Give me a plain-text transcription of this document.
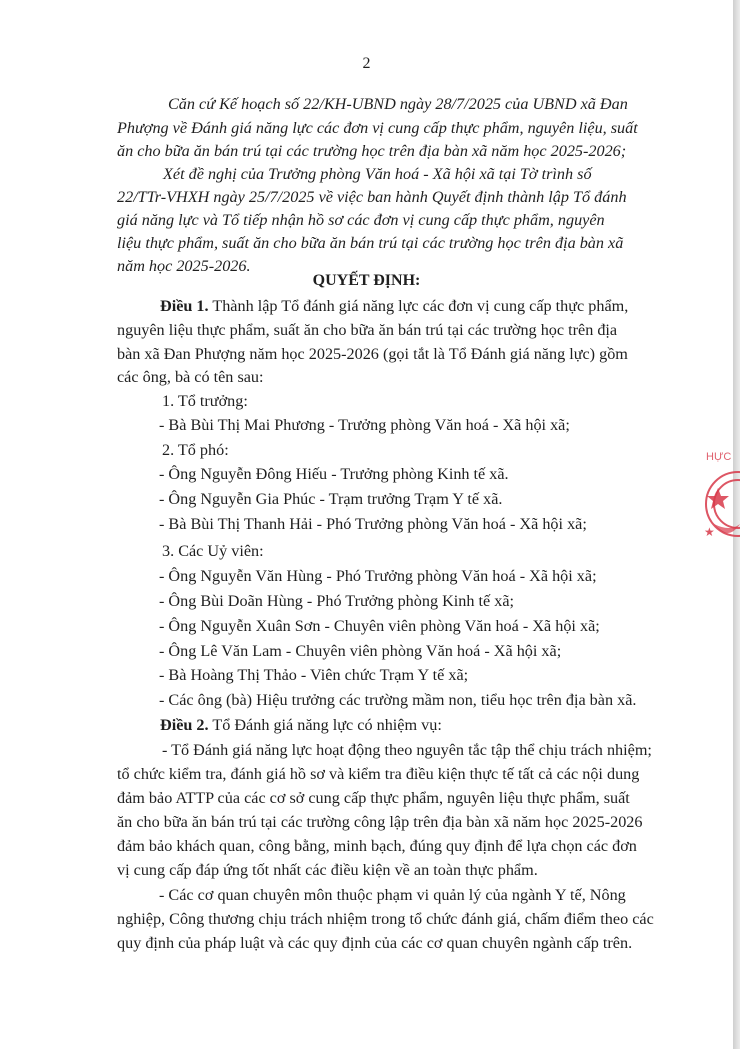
2
Căn cứ Kế hoạch số 22/KH-UBND ngày 28/7/2025 của UBND xã Đan
Phượng về Đánh giá năng lực các đơn vị cung cấp thực phẩm, nguyên liệu, suất
ăn cho bữa ăn bán trú tại các trường học trên địa bàn xã năm học 2025-2026;
Xét đề nghị của Trưởng phòng Văn hoá - Xã hội xã tại Tờ trình số
22/TTr-VHXH ngày 25/7/2025 về việc ban hành Quyết định thành lập Tổ đánh
giá năng lực và Tổ tiếp nhận hồ sơ các đơn vị cung cấp thực phẩm, nguyên
liệu thực phẩm, suất ăn cho bữa ăn bán trú tại các trường học trên địa bàn xã
năm học 2025-2026.
QUYẾT ĐỊNH:
Điều 1. Thành lập Tổ đánh giá năng lực các đơn vị cung cấp thực phẩm,
nguyên liệu thực phẩm, suất ăn cho bữa ăn bán trú tại các trường học trên địa
bàn xã Đan Phượng năm học 2025-2026 (gọi tắt là Tổ Đánh giá năng lực) gồm
các ông, bà có tên sau:
1. Tổ trưởng:
- Bà Bùi Thị Mai Phương - Trưởng phòng Văn hoá - Xã hội xã;
2. Tổ phó:
- Ông Nguyễn Đông Hiếu - Trưởng phòng Kinh tế xã.
- Ông Nguyễn Gia Phúc - Trạm trưởng Trạm Y tế xã.
- Bà Bùi Thị Thanh Hải - Phó Trưởng phòng Văn hoá - Xã hội xã;
3. Các Uỷ viên:
- Ông Nguyễn Văn Hùng - Phó Trưởng phòng Văn hoá - Xã hội xã;
- Ông Bùi Doãn Hùng - Phó Trưởng phòng Kinh tế xã;
- Ông Nguyễn Xuân Sơn - Chuyên viên phòng Văn hoá - Xã hội xã;
- Ông Lê Văn Lam - Chuyên viên phòng Văn hoá - Xã hội xã;
- Bà Hoàng Thị Thảo - Viên chức Trạm Y tế xã;
- Các ông (bà) Hiệu trưởng các trường mầm non, tiểu học trên địa bàn xã.
Điều 2. Tổ Đánh giá năng lực có nhiệm vụ:
- Tổ Đánh giá năng lực hoạt động theo nguyên tắc tập thể chịu trách nhiệm;
tổ chức kiểm tra, đánh giá hồ sơ và kiểm tra điều kiện thực tế tất cả các nội dung
đảm bảo ATTP của các cơ sở cung cấp thực phẩm, nguyên liệu thực phẩm, suất
ăn cho bữa ăn bán trú tại các trường công lập trên địa bàn xã năm học 2025-2026
đảm bảo khách quan, công bằng, minh bạch, đúng quy định để lựa chọn các đơn
vị cung cấp đáp ứng tốt nhất các điều kiện về an toàn thực phẩm.
- Các cơ quan chuyên môn thuộc phạm vi quản lý của ngành Y tế, Nông
nghiệp, Công thương chịu trách nhiệm trong tổ chức đánh giá, chấm điểm theo các
quy định của pháp luật và các quy định của các cơ quan chuyên ngành cấp trên.
HỰC
★
